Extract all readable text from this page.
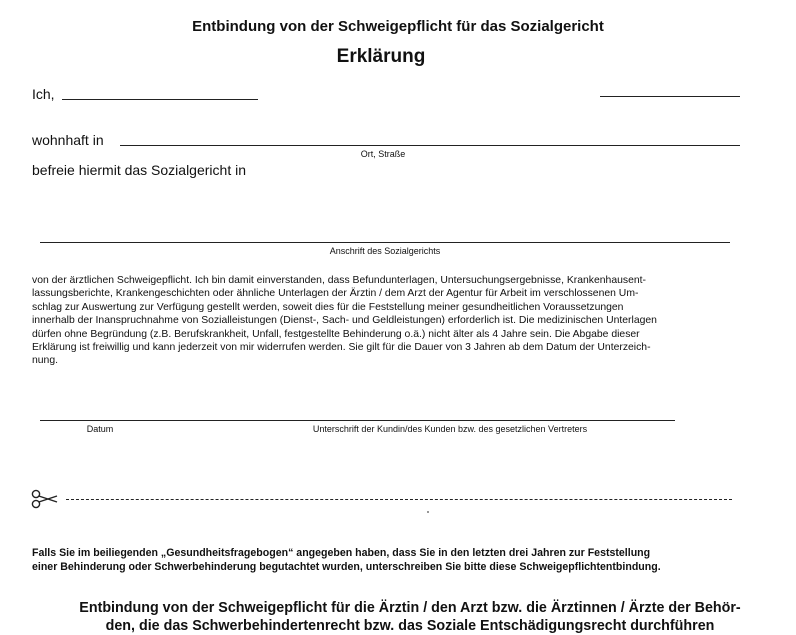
Entbindung von der Schweigepflicht für das Sozialgericht
Erklärung
Ich,
wohnhaft in
Ort, Straße
befreie hiermit das Sozialgericht in
Anschrift des Sozialgerichts
von der ärztlichen Schweigepflicht. Ich bin damit einverstanden, dass Befundunterlagen, Untersuchungsergebnisse, Krankenhausent-
lassungsberichte, Krankengeschichten oder ähnliche Unterlagen der Ärztin / dem Arzt der Agentur für Arbeit im verschlossenen Um-
schlag zur Auswertung zur Verfügung gestellt werden, soweit dies für die Feststellung meiner gesundheitlichen Voraussetzungen
innerhalb der Inanspruchnahme von Sozialleistungen (Dienst-, Sach- und Geldleistungen) erforderlich ist. Die medizinischen Unterlagen
dürfen ohne Begründung (z.B. Berufskrankheit, Unfall, festgestellte Behinderung o.ä.) nicht älter als 4 Jahre sein. Die Abgabe dieser
Erklärung ist freiwillig und kann jederzeit von mir widerrufen werden. Sie gilt für die Dauer von 3 Jahren ab dem Datum der Unterzeich-
nung.
Datum	Unterschrift der Kundin/des Kunden bzw. des gesetzlichen Vertreters
Falls Sie im beiliegenden „Gesundheitsfragebogen“ angegeben haben, dass Sie in den letzten drei Jahren zur Feststellung
einer Behinderung oder Schwerbehinderung begutachtet wurden, unterschreiben Sie bitte diese Schweigepflichtentbindung.
Entbindung von der Schweigepflicht für die Ärztin / den Arzt bzw. die Ärztinnen / Ärzte der Behör-
den, die das Schwerbehindertenrecht bzw. das Soziale Entschädigungsrecht durchführen
